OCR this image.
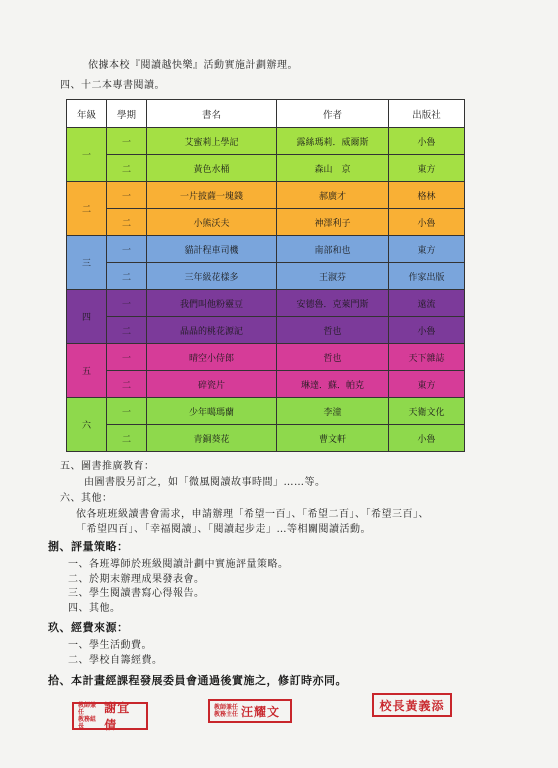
依據本校『閱讀越快樂』活動實施計劃辦理。
四、十二本專書閱讀。
年級	學期	書名	作者	出版社
一	一	艾蜜莉上學記	露絲瑪莉．威爾斯	小魯
	二	黃色水桶	森山　京	東方
二	一	一片披薩一塊錢	郝廣才	格林
	二	小熊沃夫	神澤利子	小魯
三	一	貓計程車司機	南部和也	東方
	二	三年級花樣多	王淑芬	作家出版
四	一	我們叫他粉靈豆	安德魯．克萊門斯	遠流
	二	晶晶的桃花源記	哲也	小魯
五	一	晴空小侍郎	哲也	天下雜誌
	二	碎瓷片	琳達．蘇．帕克	東方
六	一	少年噶瑪蘭	李潼	天衛文化
	二	青銅葵花	曹文軒	小魯
五、圖書推廣教育：
由圖書股另訂之，如「微風閱讀故事時間」……等。
六、其他：
依各班班級讀書會需求，申請辦理「希望一百」、「希望二百」、「希望三百」、
「希望四百」、「幸福閱讀」、「閱讀起步走」…等相關閱讀活動。
捌、評量策略：
一、各班導師於班級閱讀計劃中實施評量策略。
二、於期末辦理成果發表會。
三、學生閱讀書寫心得報告。
四、其他。
玖、經費來源：
一、學生活動費。
二、學校自籌經費。
拾、本計畫經課程發展委員會通過後實施之，修訂時亦同。
教師兼任
教務組長
謝宜倩
教師兼任
教務主任 汪耀文	校長黃義添
